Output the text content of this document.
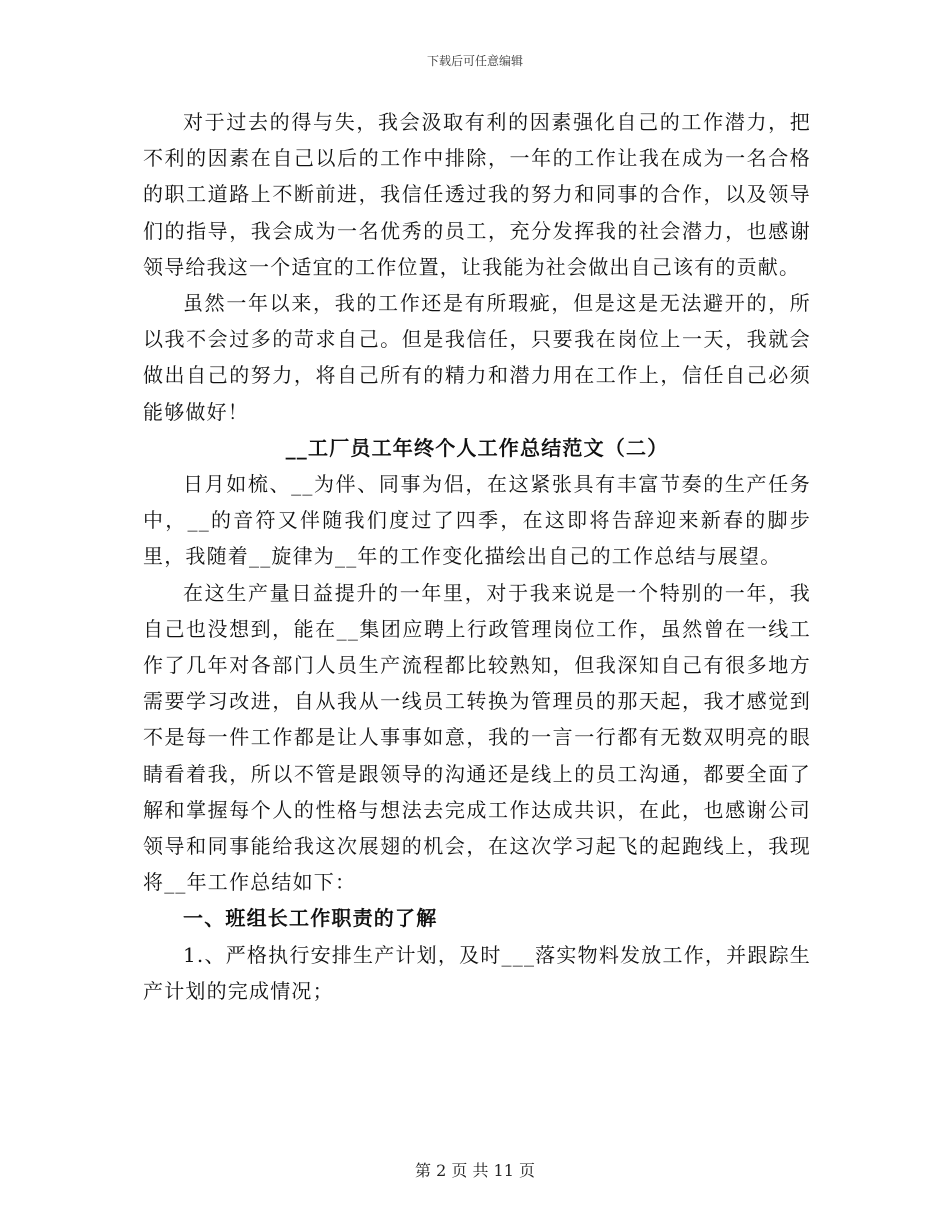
下载后可任意编辑

对于过去的得与失，我会汲取有利的因素强化自己的工作潜力，把不利的因素在自己以后的工作中排除，一年的工作让我在成为一名合格的职工道路上不断前进，我信任透过我的努力和同事的合作，以及领导们的指导，我会成为一名优秀的员工，充分发挥我的社会潜力，也感谢领导给我这一个适宜的工作位置，让我能为社会做出自己该有的贡献。

虽然一年以来，我的工作还是有所瑕疵，但是这是无法避开的，所以我不会过多的苛求自己。但是我信任，只要我在岗位上一天，我就会做出自己的努力，将自己所有的精力和潜力用在工作上，信任自己必须能够做好！

__工厂员工年终个人工作总结范文（二）

日月如梳、__为伴、同事为侣，在这紧张具有丰富节奏的生产任务中，__的音符又伴随我们度过了四季，在这即将告辞迎来新春的脚步里，我随着__旋律为__年的工作变化描绘出自己的工作总结与展望。

在这生产量日益提升的一年里，对于我来说是一个特别的一年，我自己也没想到，能在__集团应聘上行政管理岗位工作，虽然曾在一线工作了几年对各部门人员生产流程都比较熟知，但我深知自己有很多地方需要学习改进，自从我从一线员工转换为管理员的那天起，我才感觉到不是每一件工作都是让人事事如意，我的一言一行都有无数双明亮的眼睛看着我，所以不管是跟领导的沟通还是线上的员工沟通，都要全面了解和掌握每个人的性格与想法去完成工作达成共识，在此，也感谢公司领导和同事能给我这次展翅的机会，在这次学习起飞的起跑线上，我现将__年工作总结如下：

一、班组长工作职责的了解

1.、严格执行安排生产计划，及时___落实物料发放工作，并跟踪生产计划的完成情况；

第 2 页 共 11 页
